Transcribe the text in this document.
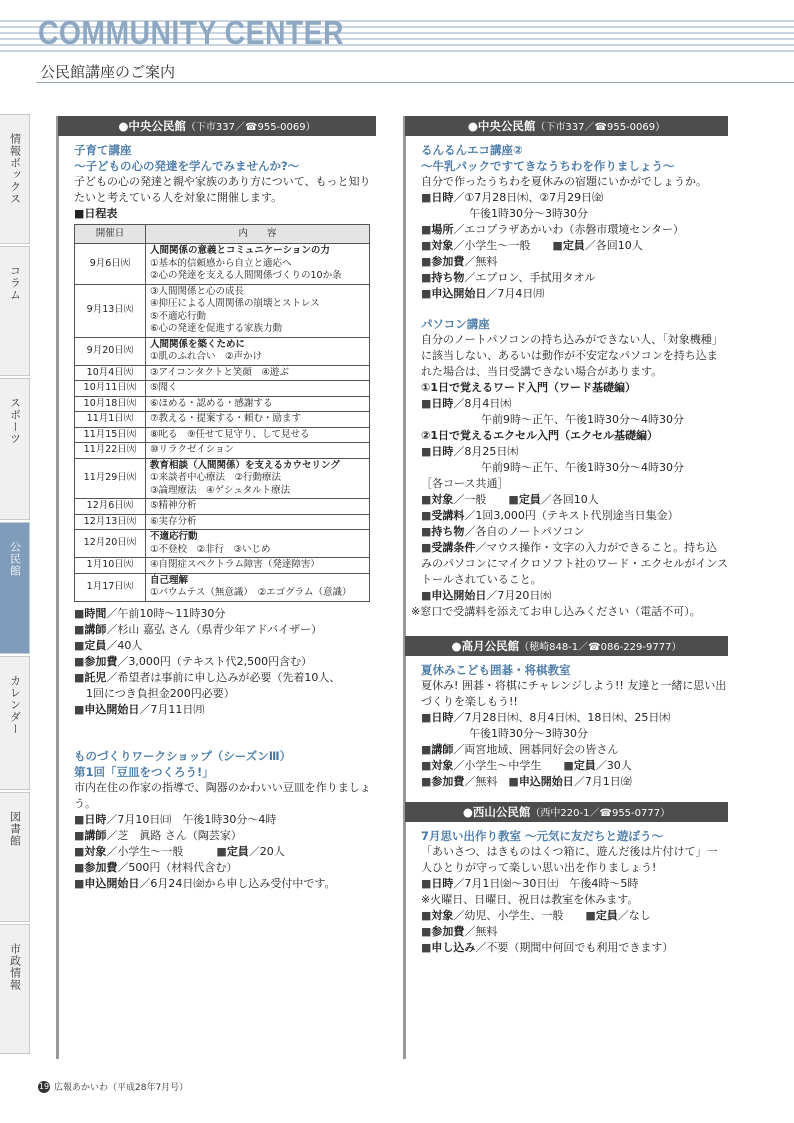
COMMUNITY CENTER
公民館講座のご案内
情報ボックス
コラム
スポーツ
公民館
カレンダー
図書館
市政情報
●中央公民館（下市337／☎955-0069）
子育て講座
～子どもの心の発達を学んでみませんか?～
子どもの心の発達と親や家族のあり方について、もっと知りたいと考えている人を対象に開催します。
■日程表
開催日	内　　容
9月6日㈫	人間関係の意義とコミュニケーションの力
①基本的信頼感から自立と適応へ
②心の発達を支える人間関係づくりの10か条

9月13日㈫	③人間関係と心の成長
④抑圧による人間関係の崩壊とストレス
⑤不適応行動
⑥心の発達を促進する家族力動

9月20日㈫	人間関係を築くために
①肌のふれ合い　②声かけ

10月4日㈫	③アイコンタクトと笑顔　④遊ぶ

10月11日㈫	⑤聞く

10月18日㈫	⑥ほめる・認める・感謝する

11月1日㈫	⑦教える・提案する・頼む・励ます

11月15日㈫	⑧叱る　⑨任せて見守り、して見せる

11月22日㈫	⑩リラクゼイション

11月29日㈫	教育相談（人間関係）を支えるカウセリング
①来談者中心療法　②行動療法
③論理療法　④ゲシュタルト療法

12月6日㈫	⑤精神分析

12月13日㈫	⑥実存分析

12月20日㈫	不適応行動
①不登校　②非行　③いじめ

1月10日㈫	④自閉症スペクトラム障害（発達障害）

1月17日㈫	自己理解
①バウムテス（無意識）　②エゴグラム（意識）
■時間／午前10時～11時30分
■講師／杉山 嘉弘 さん（県青少年アドバイザー）
■定員／40人
■参加費／3,000円（テキスト代2,500円含む）
■託児／希望者は事前に申し込みが必要（先着10人、
1回につき負担金200円必要）
■申込開始日／7月11日㈪
ものづくりワークショップ（シーズンⅢ）
第1回「豆皿をつくろう!」
市内在住の作家の指導で、陶器のかわいい豆皿を作りましょう。
■日時／7月10日㈰　午後1時30分～4時
■講師／芝　眞路 さん（陶芸家）
■対象／小学生～一般　　　	■定員／20人
■参加費／500円（材料代含む）
■申込開始日／6月24日㈮から申し込み受付中です。
●中央公民館（下市337／☎955-0069）
るんるんエコ講座②
～牛乳パックですてきなうちわを作りましょう～
自分で作ったうちわを夏休みの宿題にいかがでしょうか。
■日時／①7月28日㈭、②7月29日㈮
午後1時30分～3時30分
■場所／エコプラザあかいわ（赤磐市環境センター）
■対象／小学生～一般　　 ■定員／各回10人
■参加費／無料
■持ち物／エプロン、手拭用タオル
■申込開始日／7月4日㈪
パソコン講座
自分のノートパソコンの持ち込みができない人、「対象機種」に該当しない、あるいは動作が不安定なパソコンを持ち込まれた場合は、当日受講できない場合があります。
①1日で覚えるワード入門（ワード基礎編）
■日時／8月4日㈭
午前9時～正午、午後1時30分～4時30分
②1日で覚えるエクセル入門（エクセル基礎編）
■日時／8月25日㈭
午前9時～正午、午後1時30分～4時30分
［各コース共通］
■対象／一般　　 ■定員／各回10人
■受講料／1回3,000円（テキスト代別途当日集金）
■持ち物／各自のノートパソコン
■受講条件／マウス操作・文字の入力ができること。持ち込みのパソコンにマイクロソフト社のワード・エクセルがインストールされていること。
■申込開始日／7月20日㈬
※窓口で受講料を添えてお申し込みください（電話不可）。
●高月公民館（穂崎848-1／☎086-229-9777）
夏休みこども囲碁・将棋教室
夏休み! 囲碁・将棋にチャレンジしよう!! 友達と一緒に思い出づくりを楽しもう!!
■日時／7月28日㈭、8月4日㈭、18日㈭、25日㈭
午後1時30分～3時30分
■講師／両宮地域、囲碁同好会の皆さん
■対象／小学生～中学生　　 ■定員／30人
■参加費／無料　 ■申込開始日／7月1日㈮
●西山公民館（西中220-1／☎955-0777）
7月思い出作り教室 ～元気に友だちと遊ぼう～
「あいさつ、はきものはくつ箱に、遊んだ後は片付けて」一人ひとりが守って楽しい思い出を作りましょう!
■日時／7月1日㈮～30日㈯　午後4時～5時
※火曜日、日曜日、祝日は教室を休みます。
■対象／幼児、小学生、一般　　 ■定員／なし
■参加費／無料
■申し込み／不要（期間中何回でも利用できます）
19 広報あかいわ（平成28年7月号）
